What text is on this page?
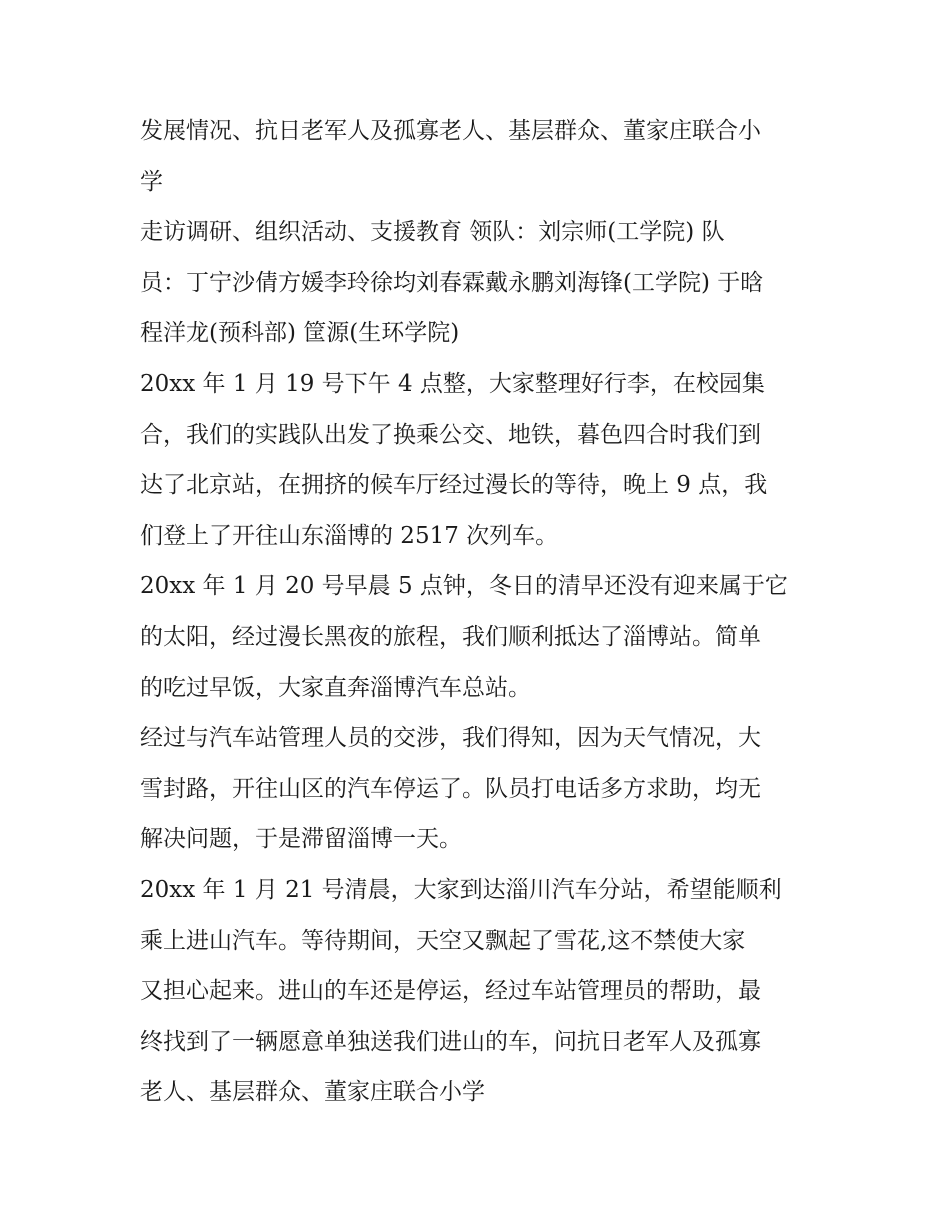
发展情况、抗日老军人及孤寡老人、基层群众、董家庄联合小
学

走访调研、组织活动、支援教育 领队：刘宗师(工学院) 队
员：丁宁沙倩方媛李玲徐均刘春霖戴永鹏刘海锋(工学院) 于晗
程洋龙(预科部) 筐源(生环学院)

20xx 年 1 月 19 号下午 4 点整，大家整理好行李，在校园集
合，我们的实践队出发了换乘公交、地铁，暮色四合时我们到
达了北京站，在拥挤的候车厅经过漫长的等待，晚上 9 点，我
们登上了开往山东淄博的 2517 次列车。

20xx 年 1 月 20 号早晨 5 点钟，冬日的清早还没有迎来属于它
的太阳，经过漫长黑夜的旅程，我们顺利抵达了淄博站。简单
的吃过早饭，大家直奔淄博汽车总站。

经过与汽车站管理人员的交涉，我们得知，因为天气情况，大
雪封路，开往山区的汽车停运了。队员打电话多方求助，均无
解决问题，于是滞留淄博一天。

20xx 年 1 月 21 号清晨，大家到达淄川汽车分站，希望能顺利
乘上进山汽车。等待期间，天空又飘起了雪花,这不禁使大家
又担心起来。进山的车还是停运，经过车站管理员的帮助，最
终找到了一辆愿意单独送我们进山的车，问抗日老军人及孤寡
老人、基层群众、董家庄联合小学
